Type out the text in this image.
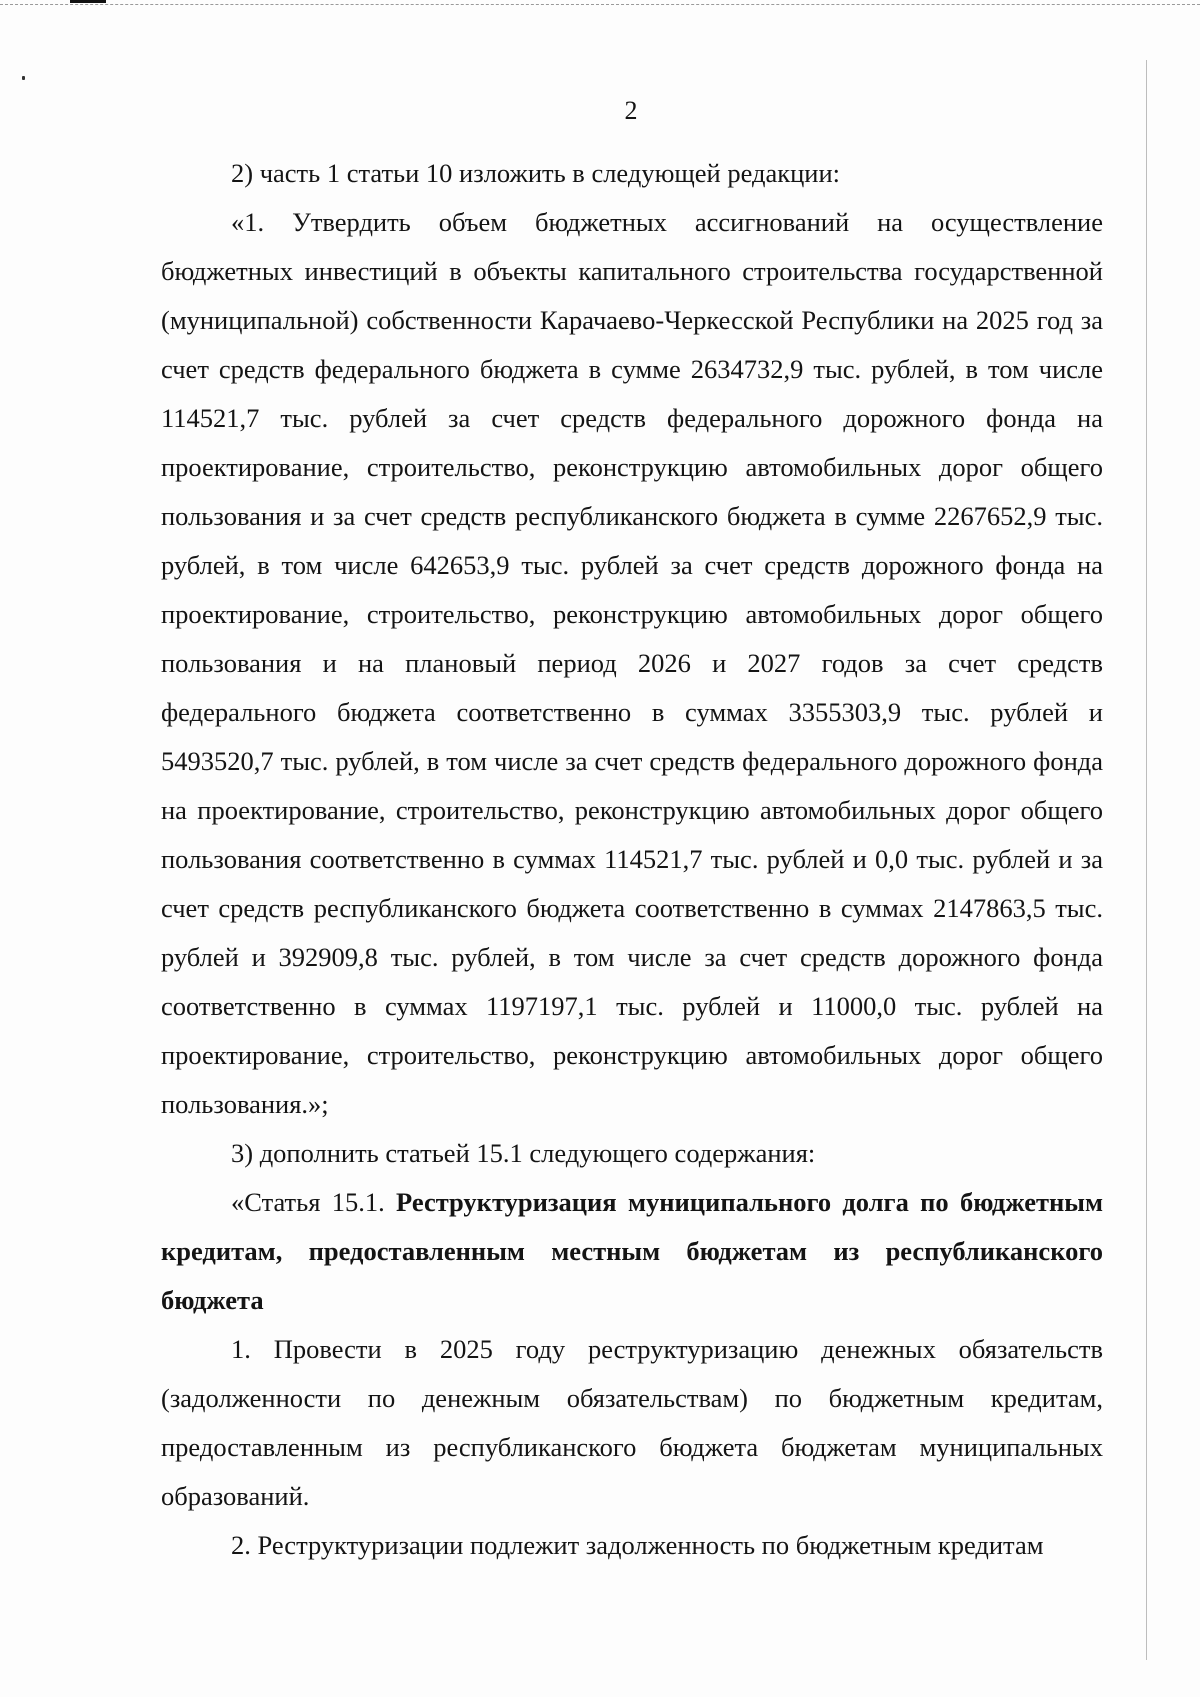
2

2) часть 1 статьи 10 изложить в следующей редакции:

«1. Утвердить объем бюджетных ассигнований на осуществление бюджетных инвестиций в объекты капитального строительства государственной (муниципальной) собственности Карачаево-Черкесской Республики на 2025 год за счет средств федерального бюджета в сумме 2634732,9 тыс. рублей, в том числе 114521,7 тыс. рублей за счет средств федерального дорожного фонда на проектирование, строительство, реконструкцию автомобильных дорог общего пользования и за счет средств республиканского бюджета в сумме 2267652,9 тыс. рублей, в том числе 642653,9 тыс. рублей за счет средств дорожного фонда на проектирование, строительство, реконструкцию автомобильных дорог общего пользования и на плановый период 2026 и 2027 годов за счет средств федерального бюджета соответственно в суммах 3355303,9 тыс. рублей и 5493520,7 тыс. рублей, в том числе за счет средств федерального дорожного фонда на проектирование, строительство, реконструкцию автомобильных дорог общего пользования соответственно в суммах 114521,7 тыс. рублей и 0,0 тыс. рублей и за счет средств республиканского бюджета соответственно в суммах 2147863,5 тыс. рублей и 392909,8 тыс. рублей, в том числе за счет средств дорожного фонда соответственно в суммах 1197197,1 тыс. рублей и 11000,0 тыс. рублей на проектирование, строительство, реконструкцию автомобильных дорог общего пользования.»;

3) дополнить статьей 15.1 следующего содержания:

«Статья 15.1. Реструктуризация муниципального долга по бюджетным кредитам, предоставленным местным бюджетам из республиканского бюджета

1. Провести в 2025 году реструктуризацию денежных обязательств (задолженности по денежным обязательствам) по бюджетным кредитам, предоставленным из республиканского бюджета бюджетам муниципальных образований.

2. Реструктуризации подлежит задолженность по бюджетным кредитам
